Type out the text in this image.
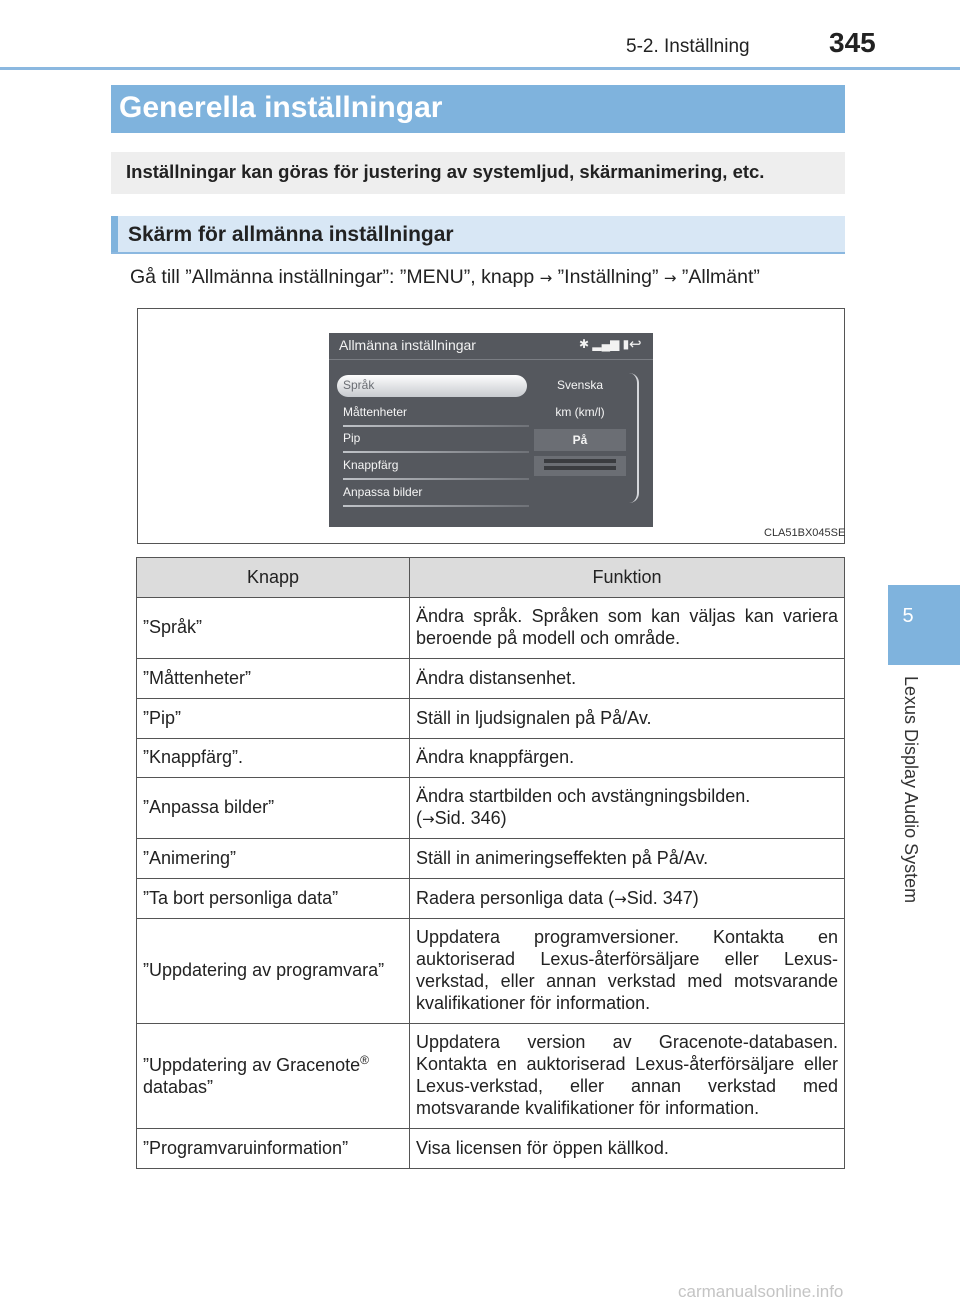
5-2. Inställning	345
5
Lexus Display Audio System
Generella inställningar
Inställningar kan göras för justering av systemljud, skärmanimering, etc.
Skärm för allmänna inställningar
Gå till ”Allmänna inställningar”: ”MENU”, knapp → ”Inställning” → ”Allmänt”
Allmänna inställningar	✱ ▂▄▆ ▮ ↩
Språk	Svenska
Måttenheter	km (km/l)
Pip	På
Knappfärg
Anpassa bilder
CLA51BX045SE
Knapp	Funktion
”Språk”	Ändra språk. Språken som kan väljas kan variera beroende på modell och område.
”Måttenheter”	Ändra distansenhet.
”Pip”	Ställ in ljudsignalen på På/Av.
”Knappfärg”.	Ändra knappfärgen.
”Anpassa bilder”	Ändra startbilden och avstängningsbilden.
(→Sid. 346)
”Animering”	Ställ in animeringseffekten på På/Av.
”Ta bort personliga data”	Radera personliga data (→Sid. 347)
”Uppdatering av programvara”	Uppdatera programversioner. Kontakta en auktoriserad Lexus-återförsäljare eller Lexus-verkstad, eller annan verkstad med motsvarande kvalifikationer för information.
”Uppdatering av Gracenote®
databas”	Uppdatera version av Gracenote-databasen. Kontakta en auktoriserad Lexus-återförsäljare eller Lexus-verkstad, eller annan verkstad med motsvarande kvalifikationer för information.
”Programvaruinformation”	Visa licensen för öppen källkod.
carmanualsonline.info
